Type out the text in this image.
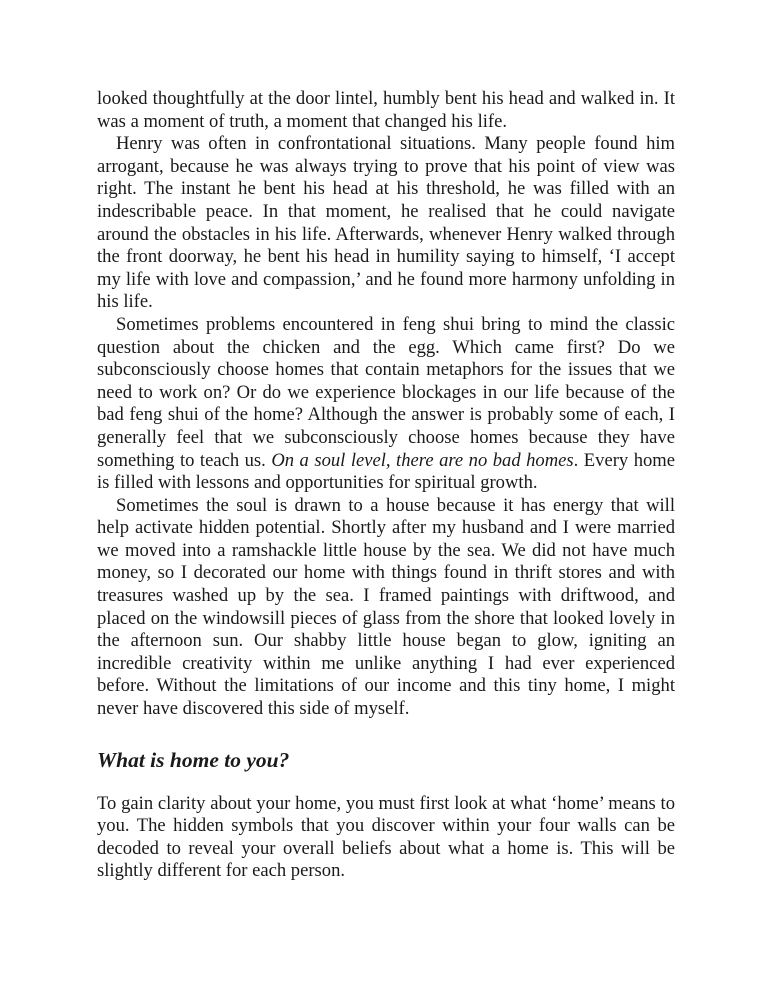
looked thoughtfully at the door lintel, humbly bent his head and walked in. It was a moment of truth, a moment that changed his life.

Henry was often in confrontational situations. Many people found him arrogant, because he was always trying to prove that his point of view was right. The instant he bent his head at his threshold, he was filled with an indescribable peace. In that moment, he realised that he could navigate around the obstacles in his life. Afterwards, whenever Henry walked through the front doorway, he bent his head in humility saying to himself, ‘I accept my life with love and compassion,’ and he found more harmony unfolding in his life.

Sometimes problems encountered in feng shui bring to mind the classic question about the chicken and the egg. Which came first? Do we subconsciously choose homes that contain metaphors for the issues that we need to work on? Or do we experience blockages in our life because of the bad feng shui of the home? Although the answer is probably some of each, I generally feel that we subconsciously choose homes because they have something to teach us. On a soul level, there are no bad homes. Every home is filled with lessons and opportunities for spiritual growth.

Sometimes the soul is drawn to a house because it has energy that will help activate hidden potential. Shortly after my husband and I were married we moved into a ramshackle little house by the sea. We did not have much money, so I decorated our home with things found in thrift stores and with treasures washed up by the sea. I framed paintings with driftwood, and placed on the windowsill pieces of glass from the shore that looked lovely in the afternoon sun. Our shabby little house began to glow, igniting an incredible creativity within me unlike anything I had ever experienced before. Without the limitations of our income and this tiny home, I might never have discovered this side of myself.

What is home to you?

To gain clarity about your home, you must first look at what ‘home’ means to you. The hidden symbols that you discover within your four walls can be decoded to reveal your overall beliefs about what a home is. This will be slightly different for each person.
